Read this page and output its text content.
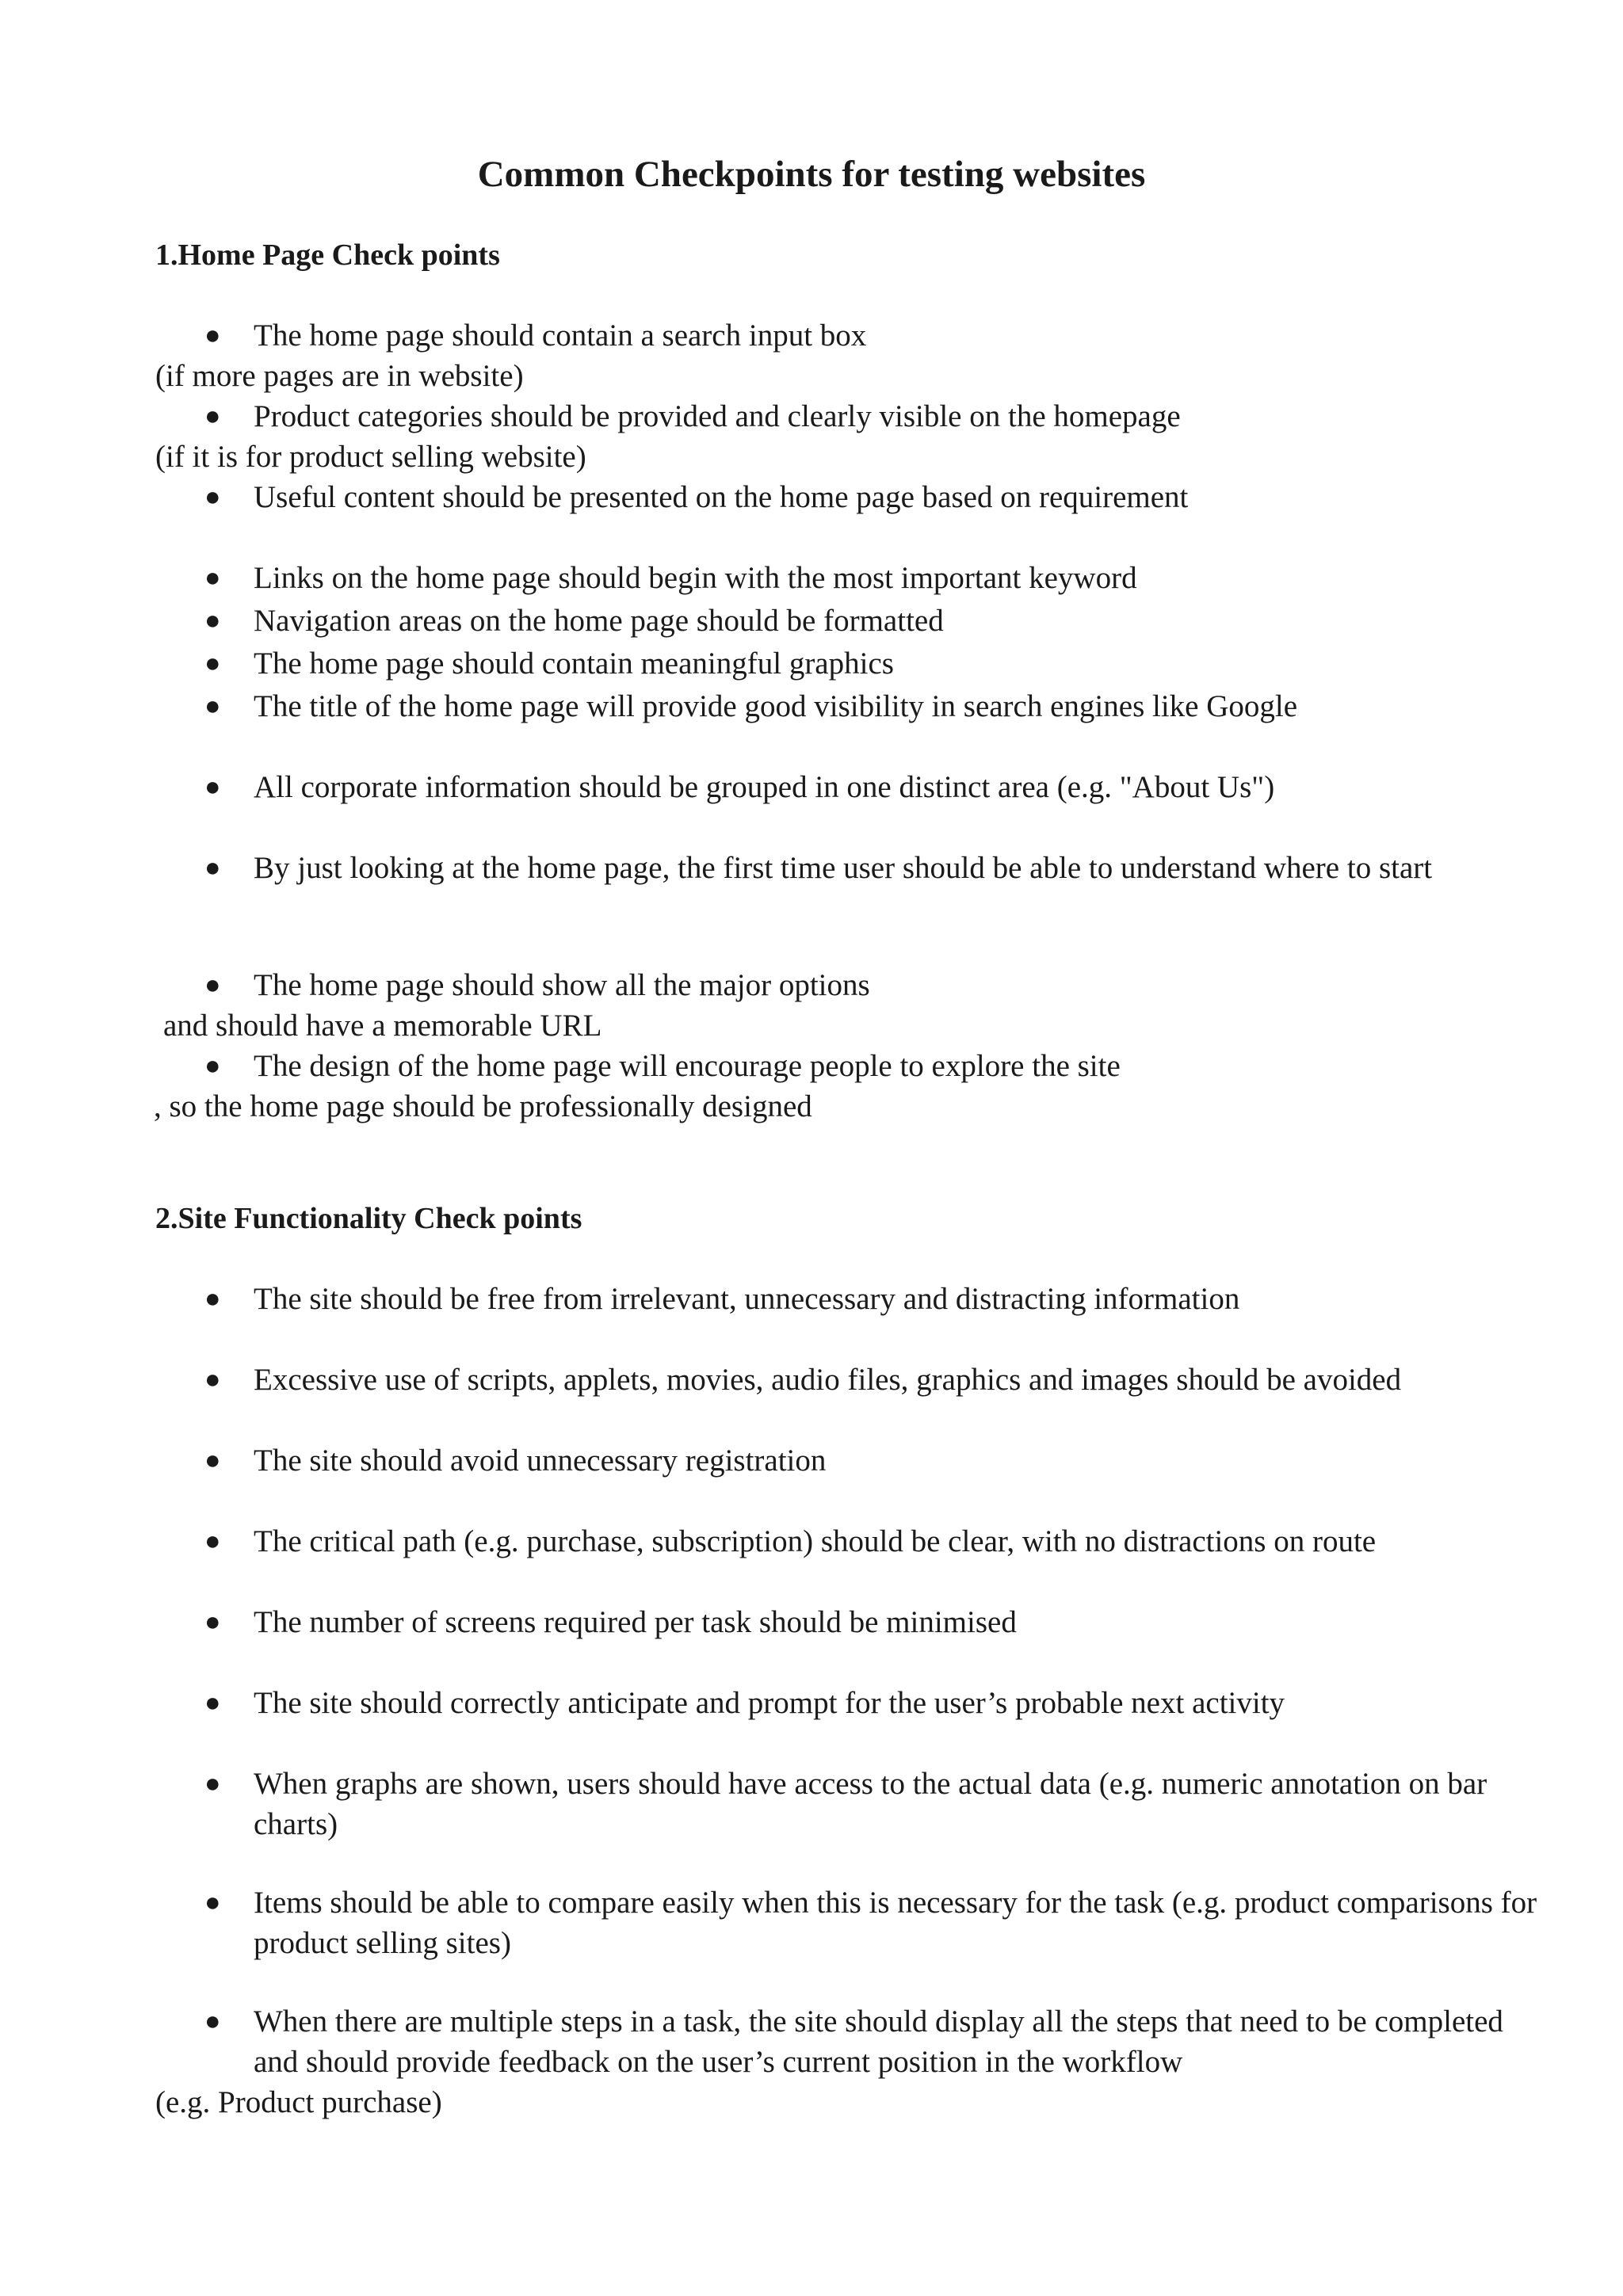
Common Checkpoints for testing websites
1.Home Page Check points
● The home page should contain a search input box
(if more pages are in website)
● Product categories should be provided and clearly visible on the homepage
(if it is for product selling website)
● Useful content should be presented on the home page based on requirement
● Links on the home page should begin with the most important keyword
● Navigation areas on the home page should be formatted
● The home page should contain meaningful graphics
● The title of the home page will provide good visibility in search engines like Google
● All corporate information should be grouped in one distinct area (e.g. "About Us")
● By just looking at the home page, the first time user should be able to understand where to start
● The home page should show all the major options
and should have a memorable URL
● The design of the home page will encourage people to explore the site
, so the home page should be professionally designed
2.Site Functionality Check points
● The site should be free from irrelevant, unnecessary and distracting information
● Excessive use of scripts, applets, movies, audio files, graphics and images should be avoided
● The site should avoid unnecessary registration
● The critical path (e.g. purchase, subscription) should be clear, with no distractions on route
● The number of screens required per task should be minimised
● The site should correctly anticipate and prompt for the user’s probable next activity
● When graphs are shown, users should have access to the actual data (e.g. numeric annotation on bar charts)
● Items should be able to compare easily when this is necessary for the task (e.g. product comparisons for product selling sites)
● When there are multiple steps in a task, the site should display all the steps that need to be completed and should provide feedback on the user’s current position in the workflow
(e.g. Product purchase)
